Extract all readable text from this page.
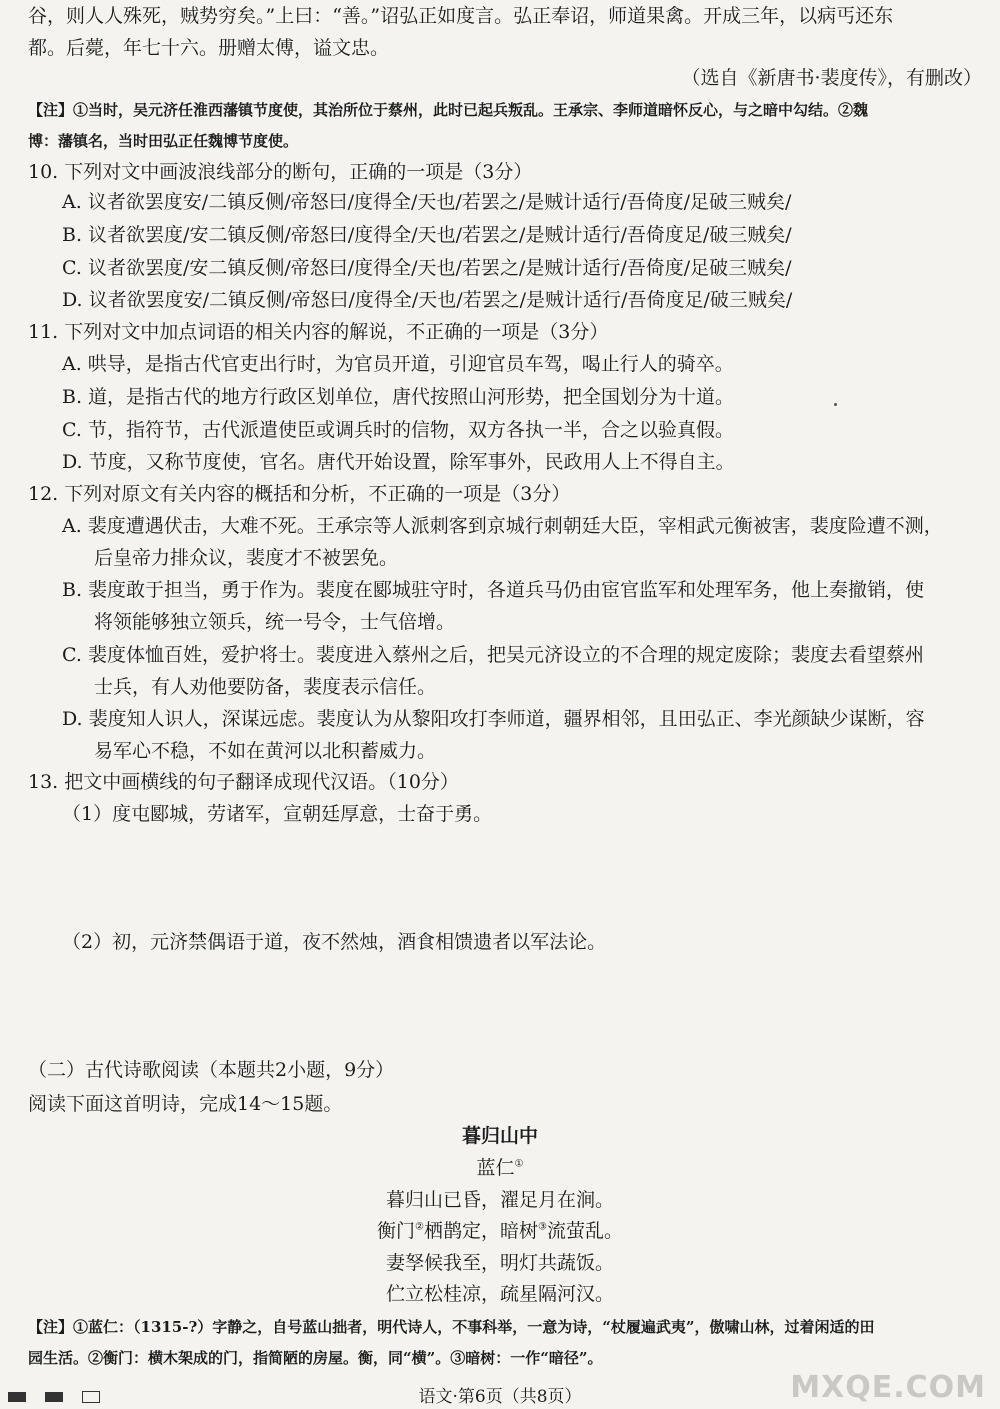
谷，则人人殊死，贼势穷矣。”上曰：“善。”诏弘正如度言。弘正奉诏，师道果禽。开成三年，以病丐还东
都。后薨，年七十六。册赠太傅，谥文忠。
（选自《新唐书·裴度传》，有删改）
【注】①当时，吴元济任淮西藩镇节度使，其治所位于蔡州，此时已起兵叛乱。王承宗、李师道暗怀反心，与之暗中勾结。②魏
博：藩镇名，当时田弘正任魏博节度使。
10. 下列对文中画波浪线部分的断句，正确的一项是（3分）
A. 议者欲罢度安/二镇反侧/帝怒曰/度得全/天也/若罢之/是贼计适行/吾倚度/足破三贼矣/
B. 议者欲罢度/安二镇反侧/帝怒曰/度得全/天也/若罢之/是贼计适行/吾倚度足/破三贼矣/
C. 议者欲罢度/安二镇反侧/帝怒曰/度得全/天也/若罢之/是贼计适行/吾倚度/足破三贼矣/
D. 议者欲罢度安/二镇反侧/帝怒曰/度得全/天也/若罢之/是贼计适行/吾倚度足/破三贼矣/
11. 下列对文中加点词语的相关内容的解说，不正确的一项是（3分）
A. 哄导，是指古代官吏出行时，为官员开道，引迎官员车驾，喝止行人的骑卒。
B. 道，是指古代的地方行政区划单位，唐代按照山河形势，把全国划分为十道。
C. 节，指符节，古代派遣使臣或调兵时的信物，双方各执一半，合之以验真假。
D. 节度，又称节度使，官名。唐代开始设置，除军事外，民政用人上不得自主。
12. 下列对原文有关内容的概括和分析，不正确的一项是（3分）
A. 裴度遭遇伏击，大难不死。王承宗等人派刺客到京城行刺朝廷大臣，宰相武元衡被害，裴度险遭不测，
后皇帝力排众议，裴度才不被罢免。
B. 裴度敢于担当，勇于作为。裴度在郾城驻守时，各道兵马仍由宦官监军和处理军务，他上奏撤销，使
将领能够独立领兵，统一号令，士气倍增。
C. 裴度体恤百姓，爱护将士。裴度进入蔡州之后，把吴元济设立的不合理的规定废除；裴度去看望蔡州
士兵，有人劝他要防备，裴度表示信任。
D. 裴度知人识人，深谋远虑。裴度认为从黎阳攻打李师道，疆界相邻，且田弘正、李光颜缺少谋断，容
易军心不稳，不如在黄河以北积蓄威力。
13. 把文中画横线的句子翻译成现代汉语。（10分）
（1）度屯郾城，劳诸军，宣朝廷厚意，士奋于勇。
（2）初，元济禁偶语于道，夜不然烛，酒食相馈遗者以军法论。
（二）古代诗歌阅读（本题共2小题，9分）
阅读下面这首明诗，完成14～15题。
暮归山中
蓝仁①
暮归山已昏，濯足月在涧。
衡门②栖鹊定，暗树③流萤乱。
妻孥候我至，明灯共蔬饭。
伫立松桂凉，疏星隔河汉。
【注】①蓝仁：（1315-?）字静之，自号蓝山拙者，明代诗人，不事科举，一意为诗，“杖履遍武夷”，傲啸山林，过着闲适的田
园生活。②衡门：横木架成的门，指简陋的房屋。衡，同“横”。③暗树：一作“暗径”。

语文·第6页（共8页）	MXQE.COM
